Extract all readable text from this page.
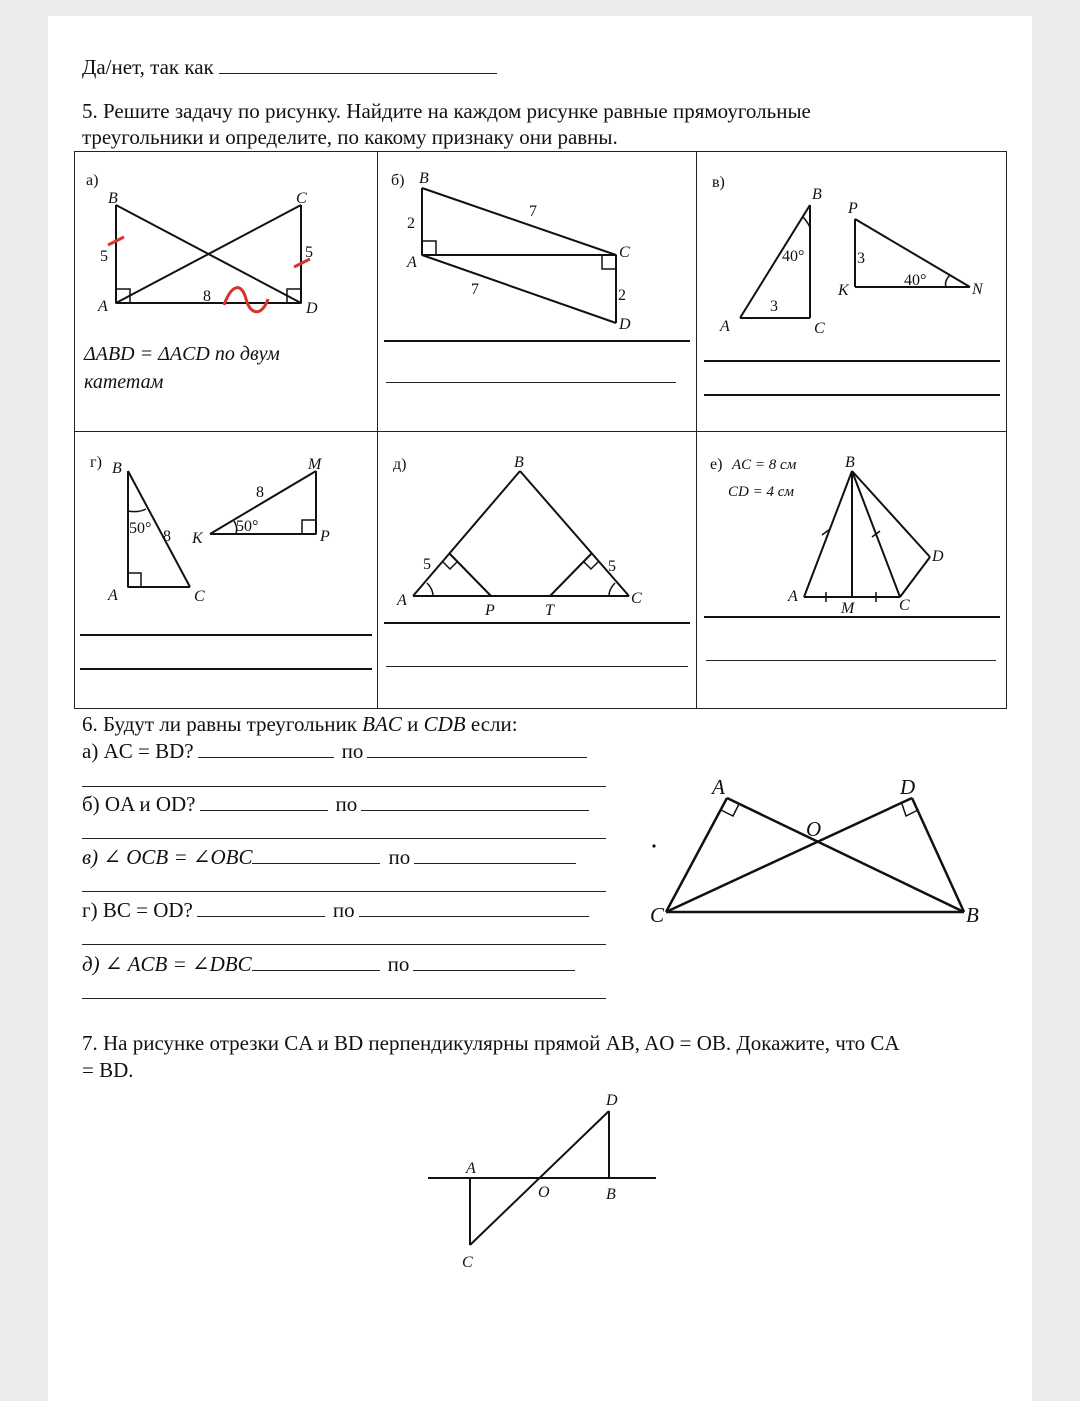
Да/нет, так как
5. Решите задачу по рисунку. Найдите на каждом рисунке равные прямоугольные
треугольники и определите, по какому признаку они равны.
а)
B	C
A	D
5	5
8
ΔABD = ΔACD по двум
катетам
б) B
A
C
D
2
7
7	2
в)
B
A	C
P
K	N
40°
40°
3
3
г) B
A	C
M
K	P
50°	50°
8
8
д)	B
A	C
P	T
5	5
е) AC = 8 см
CD = 4 см
B
A
M	C
D
6. Будут ли равны треугольник BAC и CDB если:
а) AC = BD?	по
б) OA и OD?	по
в) ∠ OCB = ∠OBC	по
г) BC = OD?	по
д) ∠ ACB = ∠DBC	по
A	D
O
C	B
7. На рисунке отрезки CA и BD перпендикулярны прямой AB, AO = OB. Докажите, что CA
= BD.
D
A
O	B
C
